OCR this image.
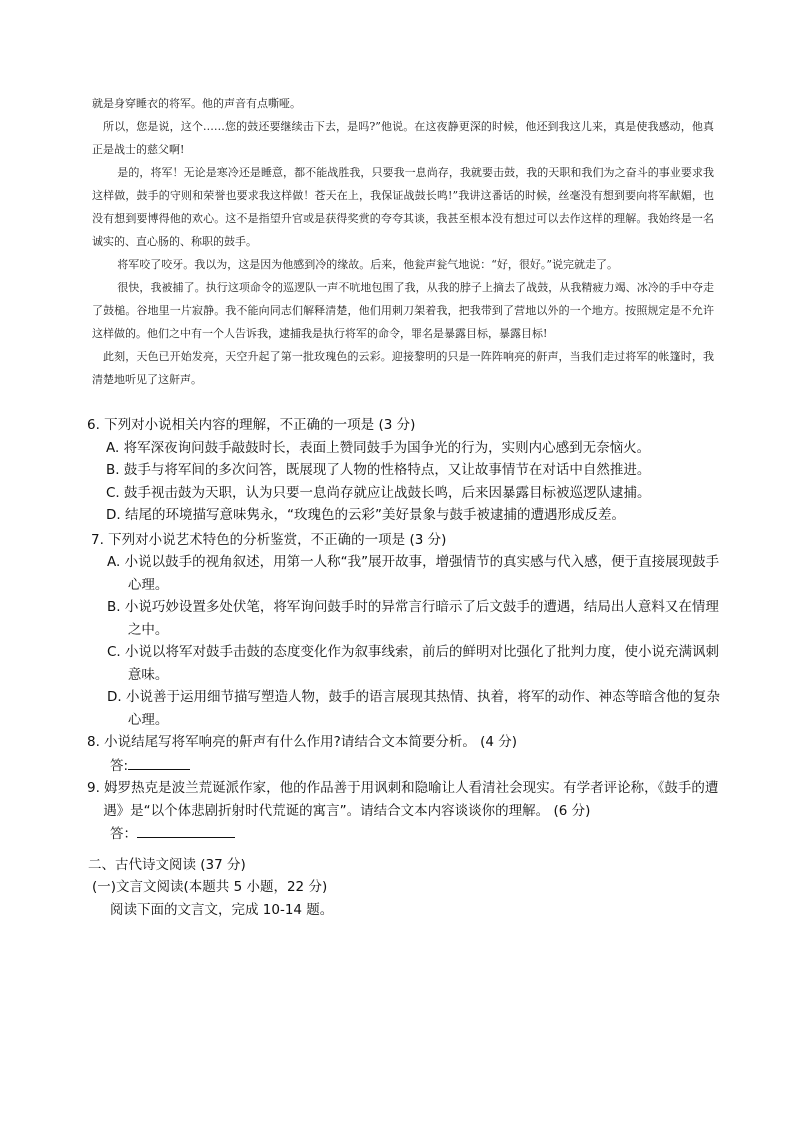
就是身穿睡衣的将军。他的声音有点嘶哑。

所以，您是说，这个……您的鼓还要继续击下去，是吗?”他说。在这夜静更深的时候，他还到我这儿来，真是使我感动，他真正是战士的慈父啊!

是的，将军！无论是寒冷还是睡意，都不能战胜我，只要我一息尚存，我就要击鼓，我的天职和我们为之奋斗的事业要求我这样做，鼓手的守则和荣誉也要求我这样做！苍天在上，我保证战鼓长鸣!”我讲这番话的时候，丝毫没有想到要向将军献媚，也没有想到要博得他的欢心。这不是指望升官或是获得奖赏的夸夸其谈，我甚至根本没有想过可以去作这样的理解。我始终是一名诚实的、直心肠的、称职的鼓手。

将军咬了咬牙。我以为，这是因为他感到冷的缘故。后来，他瓮声瓮气地说：“好，很好。”说完就走了。

很快，我被捕了。执行这项命令的巡逻队一声不吭地包围了我，从我的脖子上摘去了战鼓，从我精疲力竭、冰冷的手中夺走了鼓槌。谷地里一片寂静。我不能向同志们解释清楚，他们用刺刀架着我，把我带到了营地以外的一个地方。按照规定是不允许这样做的。他们之中有一个人告诉我，逮捕我是执行将军的命令，罪名是暴露目标，暴露目标!

此刻，天色已开始发亮，天空升起了第一批玫瑰色的云彩。迎接黎明的只是一阵阵响亮的鼾声，当我们走过将军的帐篷时，我清楚地听见了这鼾声。

6. 下列对小说相关内容的理解，不正确的一项是 (3 分)

A. 将军深夜询问鼓手敲鼓时长，表面上赞同鼓手为国争光的行为，实则内心感到无奈恼火。

B. 鼓手与将军间的多次问答，既展现了人物的性格特点，又让故事情节在对话中自然推进。

C. 鼓手视击鼓为天职，认为只要一息尚存就应让战鼓长鸣，后来因暴露目标被巡逻队逮捕。

D. 结尾的环境描写意味隽永，“玫瑰色的云彩”美好景象与鼓手被逮捕的遭遇形成反差。

7. 下列对小说艺术特色的分析鉴赏，不正确的一项是 (3 分)

A. 小说以鼓手的视角叙述，用第一人称“我”展开故事，增强情节的真实感与代入感，便于直接展现鼓手心理。

B. 小说巧妙设置多处伏笔，将军询问鼓手时的异常言行暗示了后文鼓手的遭遇，结局出人意料又在情理之中。

C. 小说以将军对鼓手击鼓的态度变化作为叙事线索，前后的鲜明对比强化了批判力度，使小说充满讽刺意味。

D. 小说善于运用细节描写塑造人物，鼓手的语言展现其热情、执着，将军的动作、神态等暗含他的复杂心理。

8. 小说结尾写将军响亮的鼾声有什么作用?请结合文本简要分析。 (4 分)

答:

9. 姆罗热克是波兰荒诞派作家，他的作品善于用讽刺和隐喻让人看清社会现实。有学者评论称，《鼓手的遭遇》是“以个体悲剧折射时代荒诞的寓言”。请结合文本内容谈谈你的理解。 (6 分)

答：

二、古代诗文阅读 (37 分)

(一)文言文阅读(本题共 5 小题，22 分)

阅读下面的文言文，完成 10-14 题。
